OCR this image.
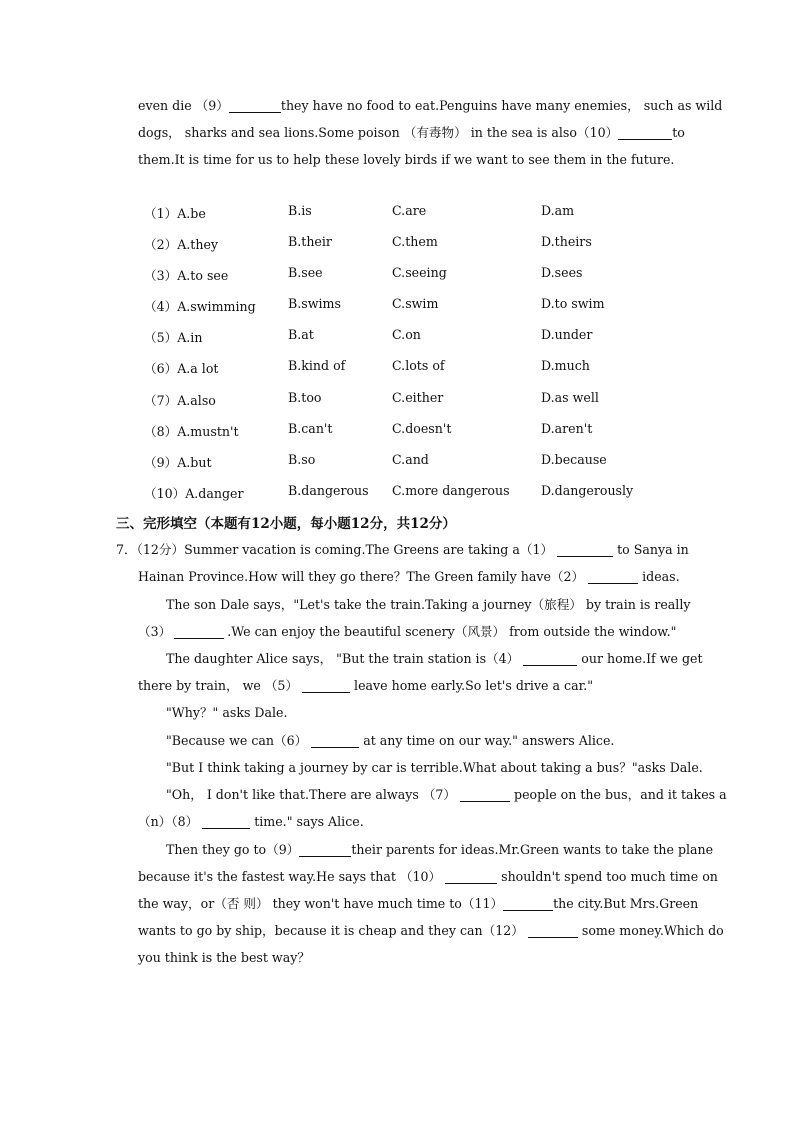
even die （9）	they have no food to eat.Penguins have many enemies， such as wild
dogs， sharks and sea lions.Some poison （有毒物） in the sea is also（10）	to
them.It is time for us to help these lovely birds if we want to see them in the future.
（1）A.be	B.is	C.are	D.am
（2）A.they	B.their	C.them	D.theirs
（3）A.to see	B.see	C.seeing	D.sees
（4）A.swimming	B.swims	C.swim	D.to swim
（5）A.in	B.at	C.on	D.under
（6）A.a lot	B.kind of	C.lots of	D.much
（7）A.also	B.too	C.either	D.as well
（8）A.mustn't	B.can't	C.doesn't	D.aren't
（9）A.but	B.so	C.and	D.because
（10）A.danger	B.dangerous C.more dangerous D.dangerously
三、完形填空（本题有12小题，每小题12分，共12分）
7．（12分）Summer vacation is coming.The Greens are taking a（1）	to Sanya in
Hainan Province.How will they go there？The Green family have（2）	ideas.
The son Dale says，"Let's take the train.Taking a journey（旅程） by train is really
（3）	.We can enjoy the beautiful scenery（风景） from outside the window."
The daughter Alice says， "But the train station is（4）	our home.If we get
there by train， we （5）	leave home early.So let's drive a car."
"Why？" asks Dale.
"Because we can（6）	at any time on our way." answers Alice.
"But I think taking a journey by car is terrible.What about taking a bus？"asks Dale.
"Oh， I don't like that.There are always （7）	people on the bus，and it takes a
（n）（8）	time." says Alice.
Then they go to（9）	their parents for ideas.Mr.Green wants to take the plane
because it's the fastest way.He says that （10）	shouldn't spend too much time on
the way，or（否 则） they won't have much time to（11）	the city.But Mrs.Green
wants to go by ship，because it is cheap and they can（12）	some money.Which do
you think is the best way？
